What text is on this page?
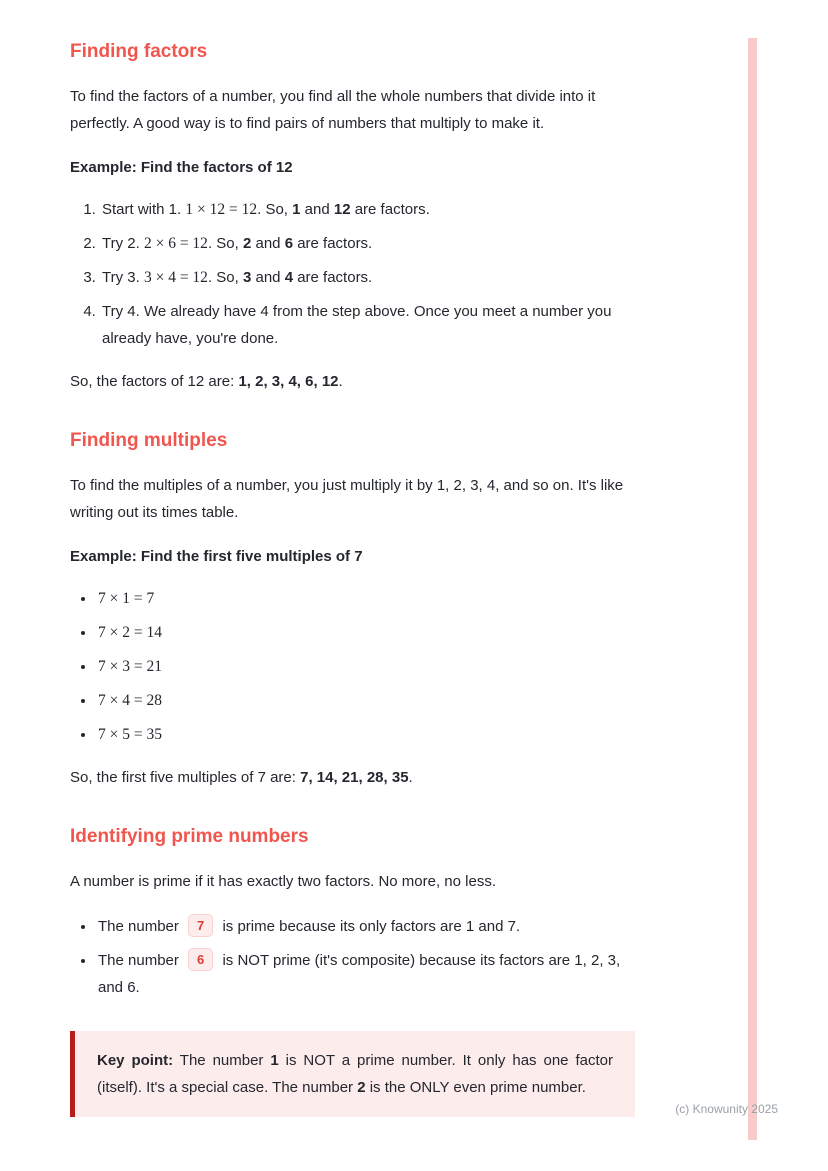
Finding factors

To find the factors of a number, you find all the whole numbers that divide into it perfectly. A good way is to find pairs of numbers that multiply to make it.

Example: Find the factors of 12

1. Start with 1. 1 × 12 = 12. So, 1 and 12 are factors.
2. Try 2. 2 × 6 = 12. So, 2 and 6 are factors.
3. Try 3. 3 × 4 = 12. So, 3 and 4 are factors.
4. Try 4. We already have 4 from the step above. Once you meet a number you already have, you're done.

So, the factors of 12 are: 1, 2, 3, 4, 6, 12.

Finding multiples

To find the multiples of a number, you just multiply it by 1, 2, 3, 4, and so on. It's like writing out its times table.

Example: Find the first five multiples of 7

• 7 × 1 = 7
• 7 × 2 = 14
• 7 × 3 = 21
• 7 × 4 = 28
• 7 × 5 = 35

So, the first five multiples of 7 are: 7, 14, 21, 28, 35.

Identifying prime numbers

A number is prime if it has exactly two factors. No more, no less.

• The number 7 is prime because its only factors are 1 and 7.
• The number 6 is NOT prime (it's composite) because its factors are 1, 2, 3, and 6.
Key point: The number 1 is NOT a prime number. It only has one factor (itself). It's a special case. The number 2 is the ONLY even prime number.
(c) Knowunity 2025
